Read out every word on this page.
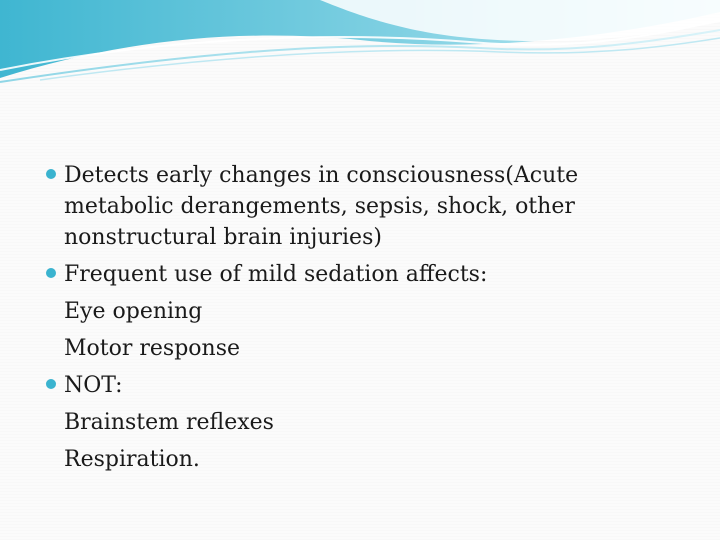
Detects early changes in consciousness(Acute metabolic derangements, sepsis, shock, other nonstructural brain injuries)
Frequent use of mild sedation affects:
Eye opening
Motor response
NOT:
Brainstem reflexes
Respiration.
